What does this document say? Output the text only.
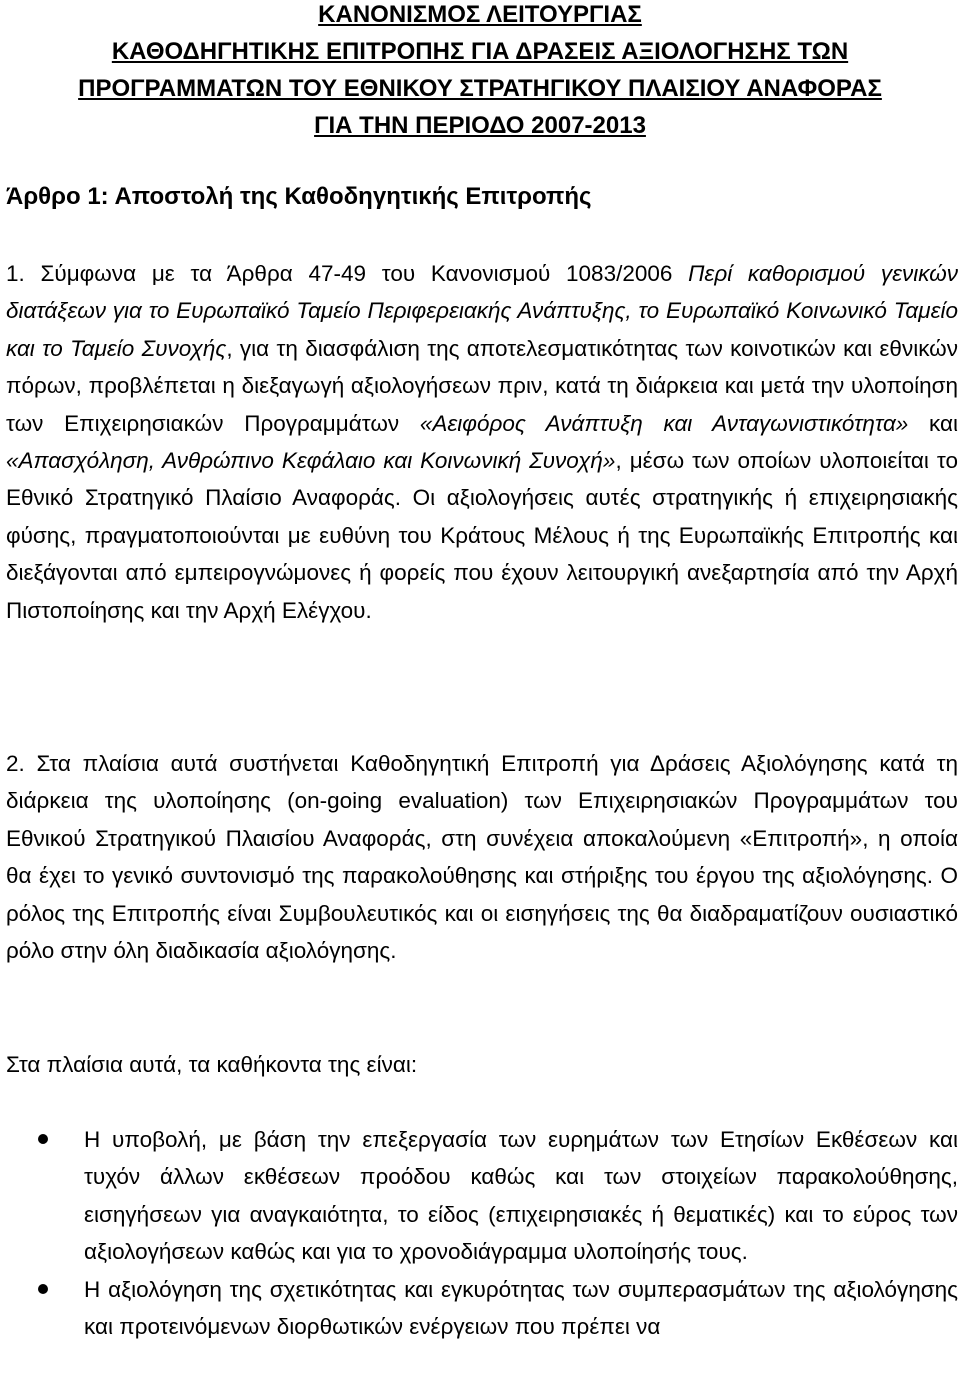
ΚΑΝΟΝΙΣΜΟΣ ΛΕΙΤΟΥΡΓΙΑΣ
ΚΑΘΟΔΗΓΗΤΙΚΗΣ ΕΠΙΤΡΟΠΗΣ ΓΙΑ ΔΡΑΣΕΙΣ ΑΞΙΟΛΟΓΗΣΗΣ ΤΩΝ
ΠΡΟΓΡΑΜΜΑΤΩΝ ΤΟΥ ΕΘΝΙΚΟΥ ΣΤΡΑΤΗΓΙΚΟΥ ΠΛΑΙΣΙΟΥ ΑΝΑΦΟΡΑΣ
ΓΙΑ ΤΗΝ ΠΕΡΙΟΔΟ 2007-2013
Άρθρο 1: Αποστολή της Καθοδηγητικής Επιτροπής
1. Σύμφωνα με τα Άρθρα 47-49 του Κανονισμού 1083/2006 Περί καθορισμού γενικών διατάξεων για το Ευρωπαϊκό Ταμείο Περιφερειακής Ανάπτυξης, το Ευρωπαϊκό Κοινωνικό Ταμείο και το Ταμείο Συνοχής, για τη διασφάλιση της αποτελεσματικότητας των κοινοτικών και εθνικών πόρων, προβλέπεται η διεξαγωγή αξιολογήσεων πριν, κατά τη διάρκεια και μετά την υλοποίηση των Επιχειρησιακών Προγραμμάτων «Αειφόρος Ανάπτυξη και Ανταγωνιστικότητα» και «Απασχόληση, Ανθρώπινο Κεφάλαιο και Κοινωνική Συνοχή», μέσω των οποίων υλοποιείται το Εθνικό Στρατηγικό Πλαίσιο Αναφοράς. Οι αξιολογήσεις αυτές στρατηγικής ή επιχειρησιακής φύσης, πραγματοποιούνται με ευθύνη του Κράτους Μέλους ή της Ευρωπαϊκής Επιτροπής και διεξάγονται από εμπειρογνώμονες ή φορείς που έχουν λειτουργική ανεξαρτησία από την Αρχή Πιστοποίησης και την Αρχή Ελέγχου.
2. Στα πλαίσια αυτά συστήνεται Καθοδηγητική Επιτροπή για Δράσεις Αξιολόγησης κατά τη διάρκεια της υλοποίησης (on-going evaluation) των Επιχειρησιακών Προγραμμάτων του Εθνικού Στρατηγικού Πλαισίου Αναφοράς, στη συνέχεια αποκαλούμενη «Επιτροπή», η οποία θα έχει το γενικό συντονισμό της παρακολούθησης και στήριξης του έργου της αξιολόγησης. Ο ρόλος της Επιτροπής είναι Συμβουλευτικός και οι εισηγήσεις της θα διαδραματίζουν ουσιαστικό ρόλο στην όλη διαδικασία αξιολόγησης.
Στα πλαίσια αυτά, τα καθήκοντα της είναι:
Η υποβολή, με βάση την επεξεργασία των ευρημάτων των Ετησίων Εκθέσεων και τυχόν άλλων εκθέσεων προόδου καθώς και των στοιχείων παρακολούθησης, εισηγήσεων για αναγκαιότητα, το είδος (επιχειρησιακές ή θεματικές) και το εύρος των αξιολογήσεων καθώς και για το χρονοδιάγραμμα υλοποίησής τους.
Η αξιολόγηση της σχετικότητας και εγκυρότητας των συμπερασμάτων της αξιολόγησης και προτεινόμενων διορθωτικών ενέργειων που πρέπει να
